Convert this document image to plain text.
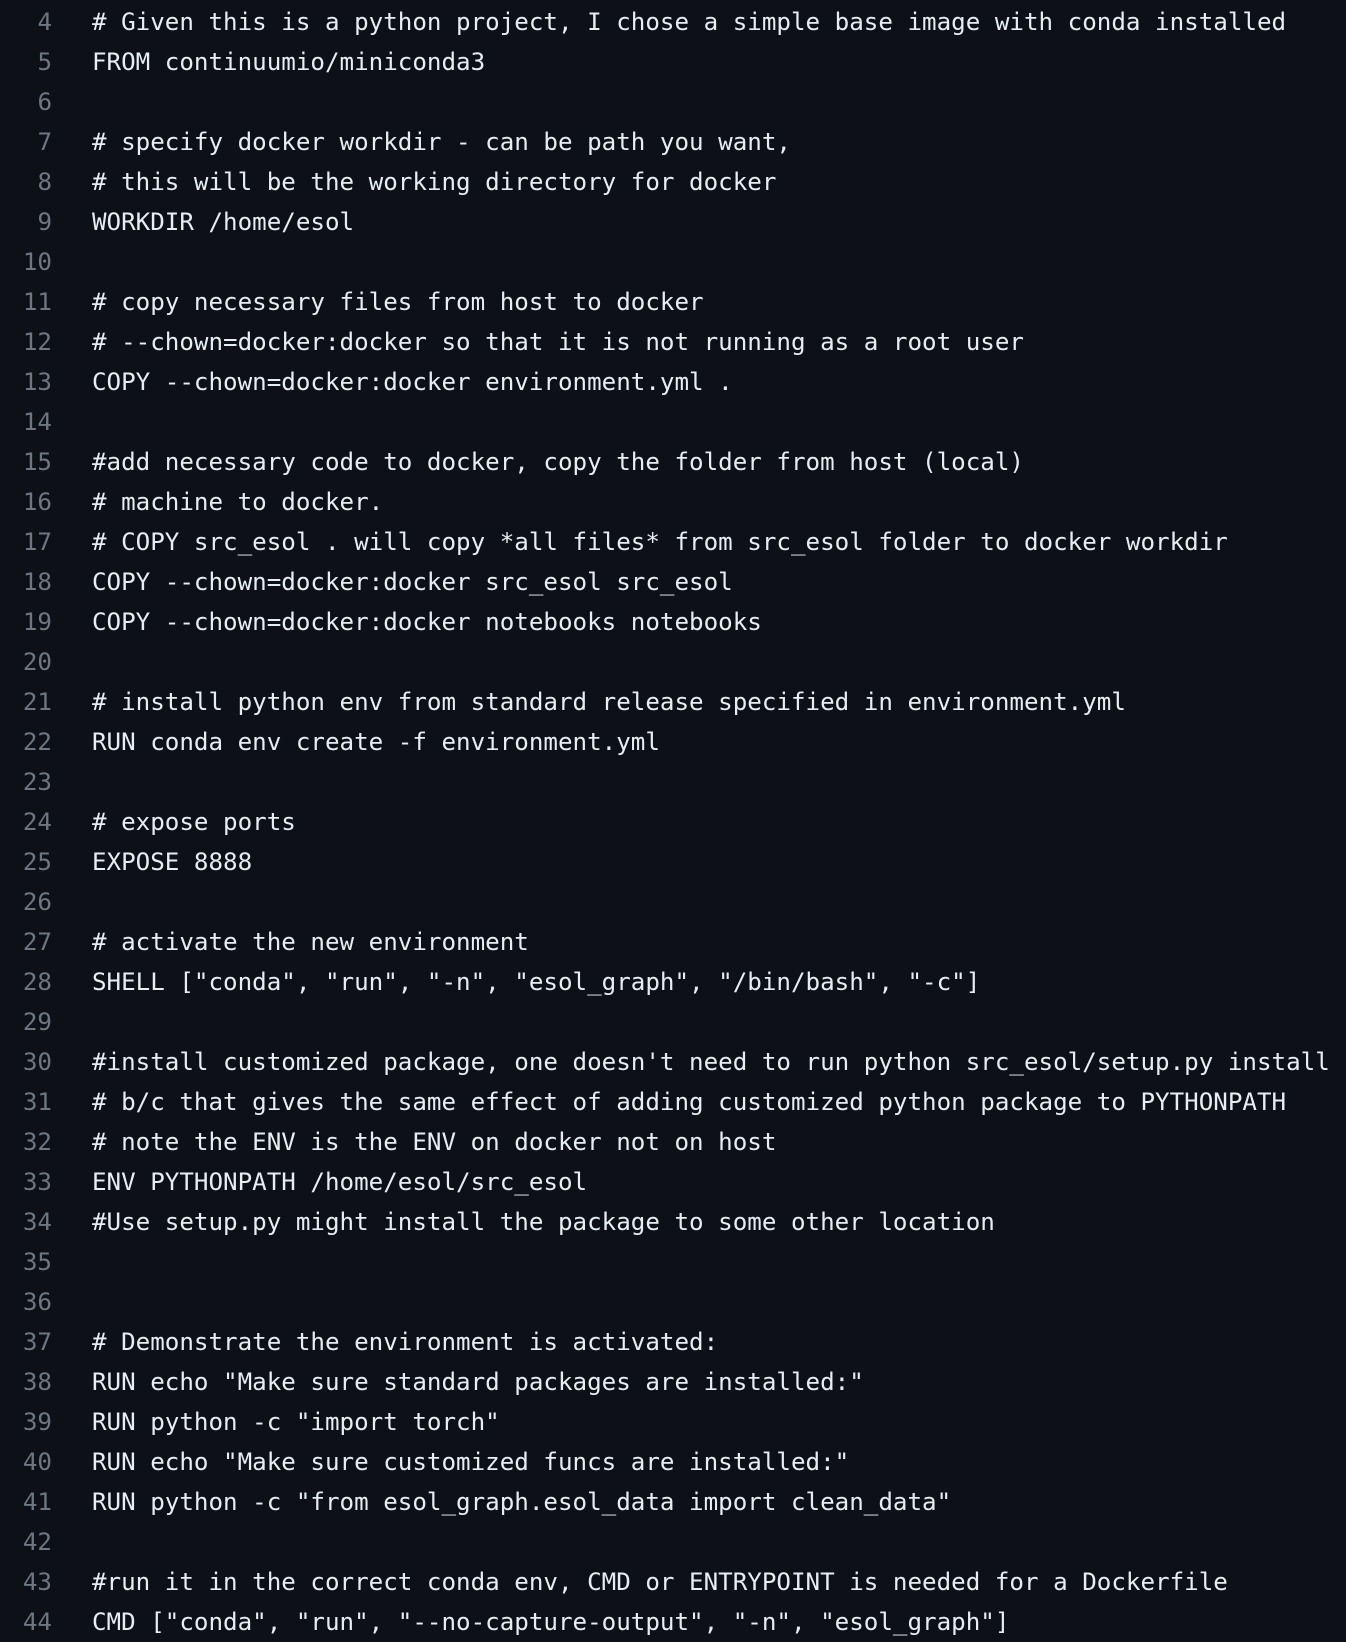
4	# Given this is a python project, I chose a simple base image with conda installed
5	FROM continuumio/miniconda3
6
7	# specify docker workdir - can be path you want,
8	# this will be the working directory for docker
9	WORKDIR /home/esol
10
11	# copy necessary files from host to docker
12	# --chown=docker:docker so that it is not running as a root user
13	COPY --chown=docker:docker environment.yml .
14
15	#add necessary code to docker, copy the folder from host (local)
16	# machine to docker.
17	# COPY src_esol . will copy *all files* from src_esol folder to docker workdir
18	COPY --chown=docker:docker src_esol src_esol
19	COPY --chown=docker:docker notebooks notebooks
20
21	# install python env from standard release specified in environment.yml
22	RUN conda env create -f environment.yml
23
24	# expose ports
25	EXPOSE 8888
26
27	# activate the new environment
28	SHELL ["conda", "run", "-n", "esol_graph", "/bin/bash", "-c"]
29
30	#install customized package, one doesn't need to run python src_esol/setup.py install
31	# b/c that gives the same effect of adding customized python package to PYTHONPATH
32	# note the ENV is the ENV on docker not on host
33	ENV PYTHONPATH /home/esol/src_esol
34	#Use setup.py might install the package to some other location
35
36
37	# Demonstrate the environment is activated:
38	RUN echo "Make sure standard packages are installed:"
39	RUN python -c "import torch"
40	RUN echo "Make sure customized funcs are installed:"
41	RUN python -c "from esol_graph.esol_data import clean_data"
42
43	#run it in the correct conda env, CMD or ENTRYPOINT is needed for a Dockerfile
44	CMD ["conda", "run", "--no-capture-output", "-n", "esol_graph"]
